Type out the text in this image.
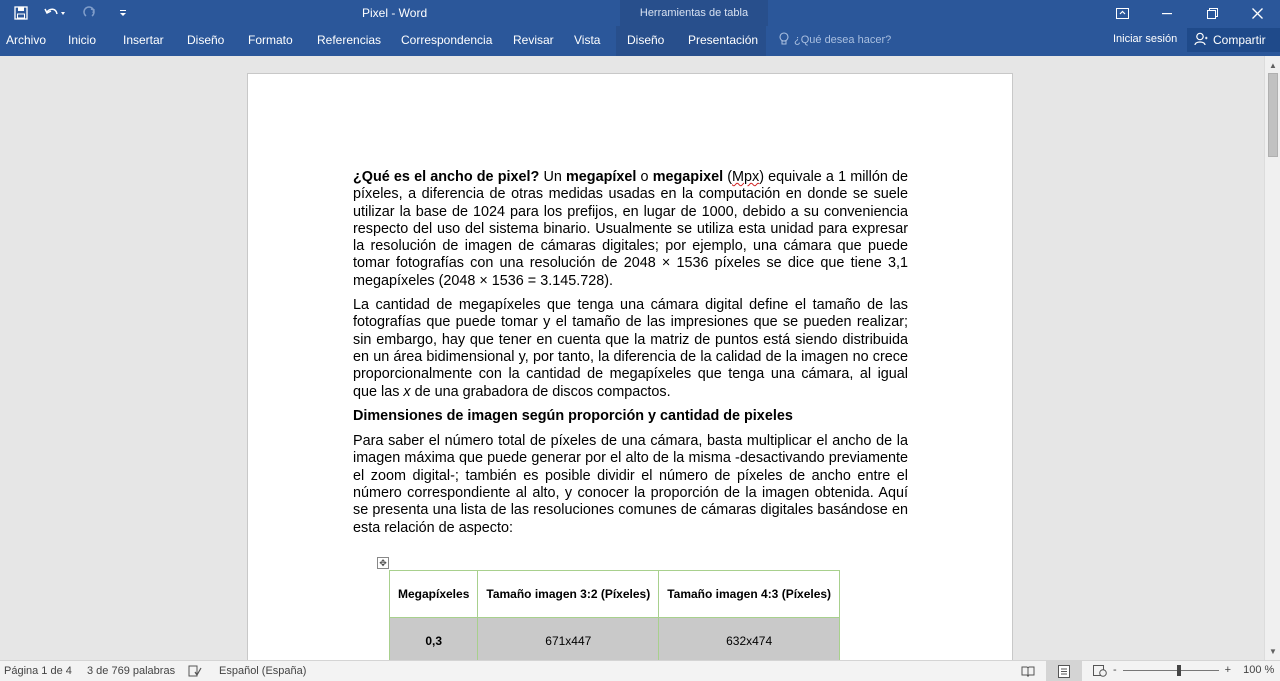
Pixel - Word	Herramientas de tabla
Archivo Inicio Insertar Diseño Formato Referencias Correspondencia Revisar Vista Diseño Presentación	¿Qué desea hacer?	Iniciar sesión	Compartir

¿Qué es el ancho de pixel? Un megapíxel o megapixel (Mpx) equivale a 1 millón de píxeles, a diferencia de otras medidas usadas en la computación en donde se suele utilizar la base de 1024 para los prefijos, en lugar de 1000, debido a su conveniencia respecto del uso del sistema binario. Usualmente se utiliza esta unidad para expresar la resolución de imagen de cámaras digitales; por ejemplo, una cámara que puede tomar fotografías con una resolución de 2048 × 1536 píxeles se dice que tiene 3,1 megapíxeles (2048 × 1536 = 3.145.728).

La cantidad de megapíxeles que tenga una cámara digital define el tamaño de las fotografías que puede tomar y el tamaño de las impresiones que se pueden realizar; sin embargo, hay que tener en cuenta que la matriz de puntos está siendo distribuida en un área bidimensional y, por tanto, la diferencia de la calidad de la imagen no crece proporcionalmente con la cantidad de megapíxeles que tenga una cámara, al igual que las x de una grabadora de discos compactos.

Dimensiones de imagen según proporción y cantidad de pixeles

Para saber el número total de píxeles de una cámara, basta multiplicar el ancho de la imagen máxima que puede generar por el alto de la misma -desactivando previamente el zoom digital-; también es posible dividir el número de píxeles de ancho entre el número correspondiente al alto, y conocer la proporción de la imagen obtenida. Aquí se presenta una lista de las resoluciones comunes de cámaras digitales basándose en esta relación de aspecto:

✥
Megapíxeles	Tamaño imagen 3:2 (Píxeles)	Tamaño imagen 4:3 (Píxeles)
0,3	671x447	632x474
▲
▼
Página 1 de 4 3 de 769 palabras	Español (España)	-	+ 100 %
